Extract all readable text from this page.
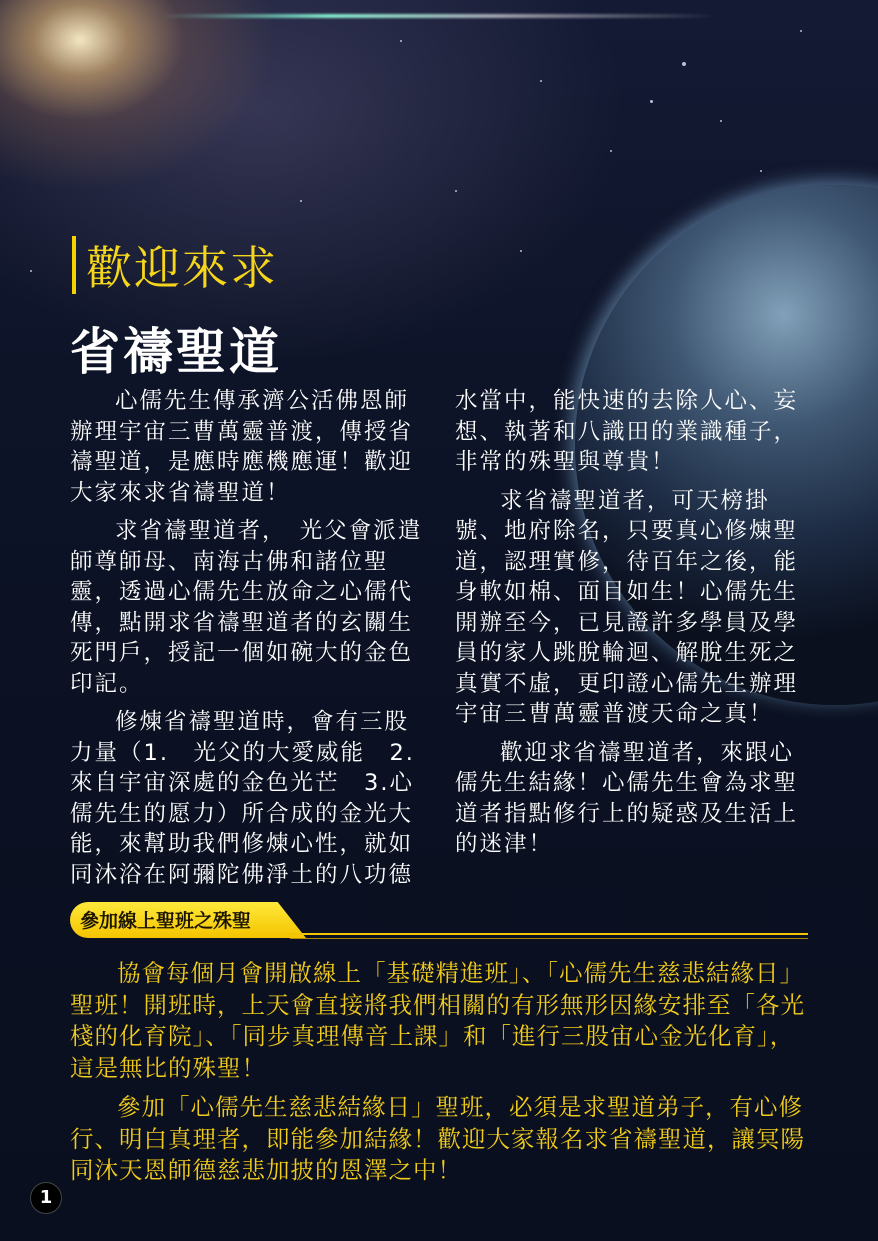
歡迎來求
省禱聖道

心儒先生傳承濟公活佛恩師辦理宇宙三曹萬靈普渡，傳授省禱聖道，是應時應機應運！歡迎大家來求省禱聖道！

求省禱聖道者，　光父會派遣師尊師母、南海古佛和諸位聖靈，透過心儒先生放命之心儒代傳，點開求省禱聖道者的玄關生死門戶，授記一個如碗大的金色印記。

修煉省禱聖道時，會有三股力量（1.　光父的大愛威能　2.來自宇宙深處的金色光芒　3.心儒先生的愿力）所合成的金光大能，來幫助我們修煉心性，就如同沐浴在阿彌陀佛淨土的八功德

水當中，能快速的去除人心、妄想、執著和八識田的業識種子，非常的殊聖與尊貴！

求省禱聖道者，可天榜掛號、地府除名，只要真心修煉聖道，認理實修，待百年之後，能身軟如棉、面目如生！心儒先生開辦至今，已見證許多學員及學員的家人跳脫輪迴、解脫生死之真實不虛，更印證心儒先生辦理宇宙三曹萬靈普渡天命之真！

歡迎求省禱聖道者，來跟心儒先生結緣！心儒先生會為求聖道者指點修行上的疑惑及生活上的迷津！

參加線上聖班之殊聖

協會每個月會開啟線上「基礎精進班」、「心儒先生慈悲結緣日」聖班！開班時，上天會直接將我們相關的有形無形因緣安排至「各光棧的化育院」、「同步真理傳音上課」和「進行三股宙心金光化育」，這是無比的殊聖！

參加「心儒先生慈悲結緣日」聖班，必須是求聖道弟子，有心修行、明白真理者，即能參加結緣！歡迎大家報名求省禱聖道，讓冥陽同沐天恩師德慈悲加披的恩澤之中！

1
